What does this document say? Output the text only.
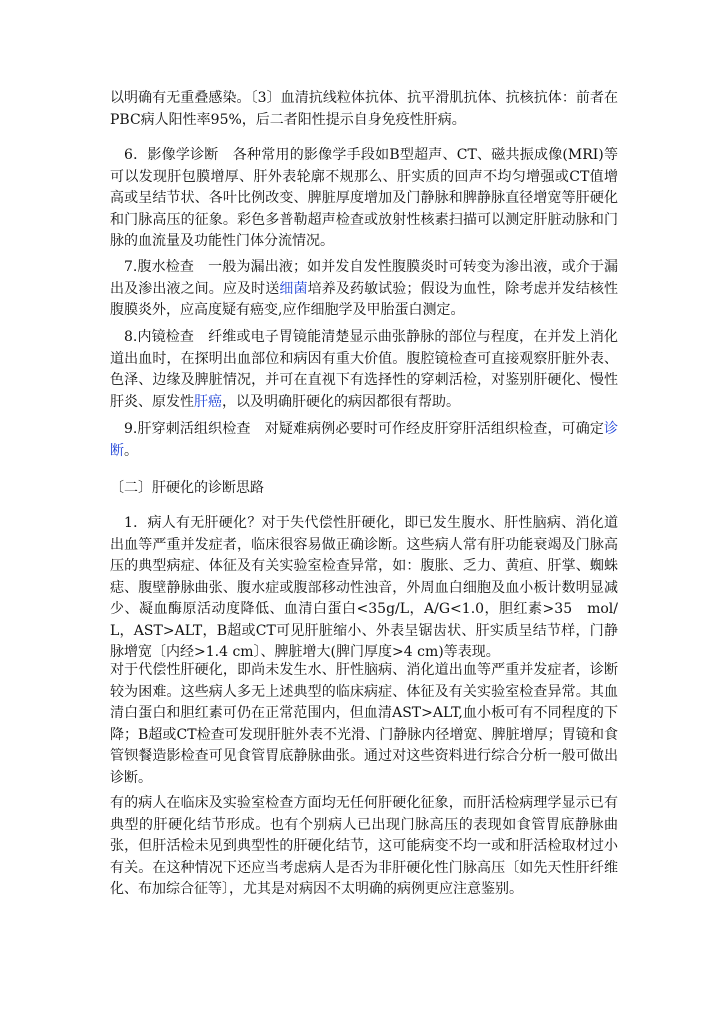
以明确有无重叠感染。〔3〕血清抗线粒体抗体、抗平滑肌抗体、抗核抗体：前者在PBC病人阳性率95%，后二者阳性提示自身免疫性肝病。

6．影像学诊断　各种常用的影像学手段如B型超声、CT、磁共振成像(MRI)等可以发现肝包膜增厚、肝外表轮廓不规那么、肝实质的回声不均匀增强或CT值增高或呈结节状、各叶比例改变、脾脏厚度增加及门静脉和脾静脉直径增宽等肝硬化和门脉高压的征象。彩色多普勒超声检查或放射性核素扫描可以测定肝脏动脉和门脉的血流量及功能性门体分流情况。

7.腹水检查　一般为漏出液；如并发自发性腹膜炎时可转变为渗出液，或介于漏出及渗出液之间。应及时送细菌培养及药敏试验；假设为血性，除考虑并发结核性腹膜炎外，应高度疑有癌变,应作细胞学及甲胎蛋白测定。

8.内镜检查　纤维或电子胃镜能清楚显示曲张静脉的部位与程度，在并发上消化道出血时，在探明出血部位和病因有重大价值。腹腔镜检查可直接观察肝脏外表、色泽、边缘及脾脏情况，并可在直视下有选择性的穿刺活检，对鉴别肝硬化、慢性肝炎、原发性肝癌，以及明确肝硬化的病因都很有帮助。

9.肝穿刺活组织检查　对疑难病例必要时可作经皮肝穿肝活组织检查，可确定诊断。

〔二〕肝硬化的诊断思路

1．病人有无肝硬化？对于失代偿性肝硬化，即已发生腹水、肝性脑病、消化道出血等严重并发症者，临床很容易做正确诊断。这些病人常有肝功能衰竭及门脉高压的典型病症、体征及有关实验室检查异常，如：腹胀、乏力、黄疸、肝掌、蜘蛛痣、腹壁静脉曲张、腹水症或腹部移动性浊音，外周血白细胞及血小板计数明显减少、凝血酶原活动度降低、血清白蛋白<35g/L，A/G<1.0，胆红素>35　mol/L，AST>ALT，B超或CT可见肝脏缩小、外表呈锯齿状、肝实质呈结节样，门静脉增宽〔内经>1.4 cm〕、脾脏增大(脾门厚度>4 cm)等表现。

对于代偿性肝硬化，即尚未发生水、肝性脑病、消化道出血等严重并发症者，诊断较为困难。这些病人多无上述典型的临床病症、体征及有关实验室检查异常。其血清白蛋白和胆红素可仍在正常范围内，但血清AST>ALT,血小板可有不同程度的下降；B超或CT检查可发现肝脏外表不光滑、门静脉内径增宽、脾脏增厚；胃镜和食管钡餐造影检查可见食管胃底静脉曲张。通过对这些资料进行综合分析一般可做出诊断。

有的病人在临床及实验室检查方面均无任何肝硬化征象，而肝活检病理学显示已有典型的肝硬化结节形成。也有个别病人已出现门脉高压的表现如食管胃底静脉曲张，但肝活检未见到典型性的肝硬化结节，这可能病变不均一或和肝活检取材过小有关。在这种情况下还应当考虑病人是否为非肝硬化性门脉高压〔如先天性肝纤维化、布加综合征等〕，尤其是对病因不太明确的病例更应注意鉴别。
